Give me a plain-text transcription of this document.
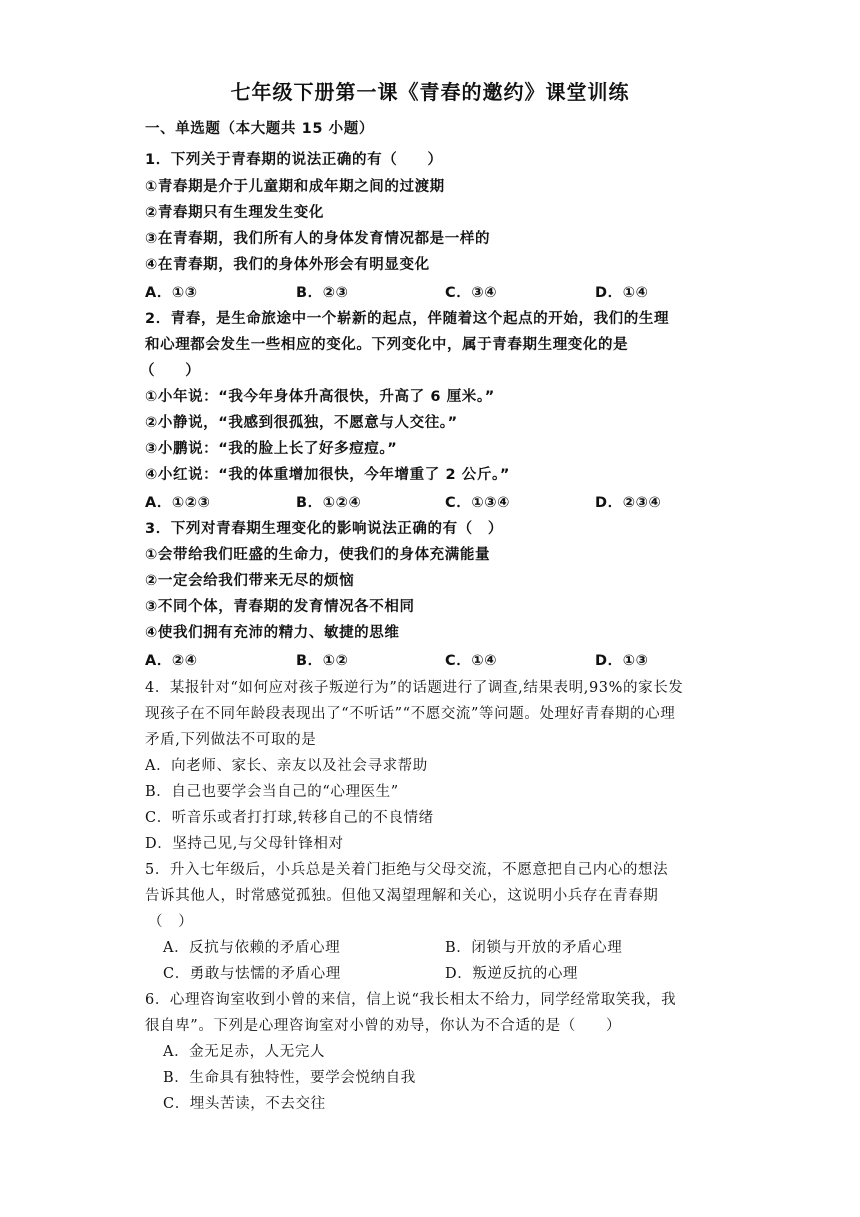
七年级下册第一课《青春的邀约》课堂训练
一、单选题（本大题共 15 小题）
1．下列关于青春期的说法正确的有（　　）
①青春期是介于儿童期和成年期之间的过渡期
②青春期只有生理发生变化
③在青春期，我们所有人的身体发育情况都是一样的
④在青春期，我们的身体外形会有明显变化
A．①③	B．②③	C．③④	D．①④
2．青春，是生命旅途中一个崭新的起点，伴随着这个起点的开始，我们的生理
和心理都会发生一些相应的变化。下列变化中，属于青春期生理变化的是
（　　）
①小年说：“我今年身体升高很快，升高了 6 厘米。”
②小静说，“我感到很孤独，不愿意与人交往。”
③小鹏说：“我的脸上长了好多痘痘。”
④小红说：“我的体重增加很快，今年增重了 2 公斤。”
A．①②③	B．①②④	C．①③④	D．②③④
3．下列对青春期生理变化的影响说法正确的有（　）
①会带给我们旺盛的生命力，使我们的身体充满能量
②一定会给我们带来无尽的烦恼
③不同个体，青春期的发育情况各不相同
④使我们拥有充沛的精力、敏捷的思维
A．②④	B．①②	C．①④	D．①③
4．某报针对“如何应对孩子叛逆行为”的话题进行了调查,结果表明,93%的家长发
现孩子在不同年龄段表现出了“不听话”“不愿交流”等问题。处理好青春期的心理
矛盾,下列做法不可取的是
A．向老师、家长、亲友以及社会寻求帮助
B．自己也要学会当自己的“心理医生”
C．听音乐或者打打球,转移自己的不良情绪
D．坚持己见,与父母针锋相对
5．升入七年级后，小兵总是关着门拒绝与父母交流，不愿意把自己内心的想法
告诉其他人，时常感觉孤独。但他又渴望理解和关心，这说明小兵存在青春期
（　）
A．反抗与依赖的矛盾心理	B．闭锁与开放的矛盾心理
C．勇敢与怯懦的矛盾心理	D．叛逆反抗的心理
6．心理咨询室收到小曾的来信，信上说“我长相太不给力，同学经常取笑我，我
很自卑”。下列是心理咨询室对小曾的劝导，你认为不合适的是（　　）
A．金无足赤，人无完人
B．生命具有独特性，要学会悦纳自我
C．埋头苦读，不去交往
